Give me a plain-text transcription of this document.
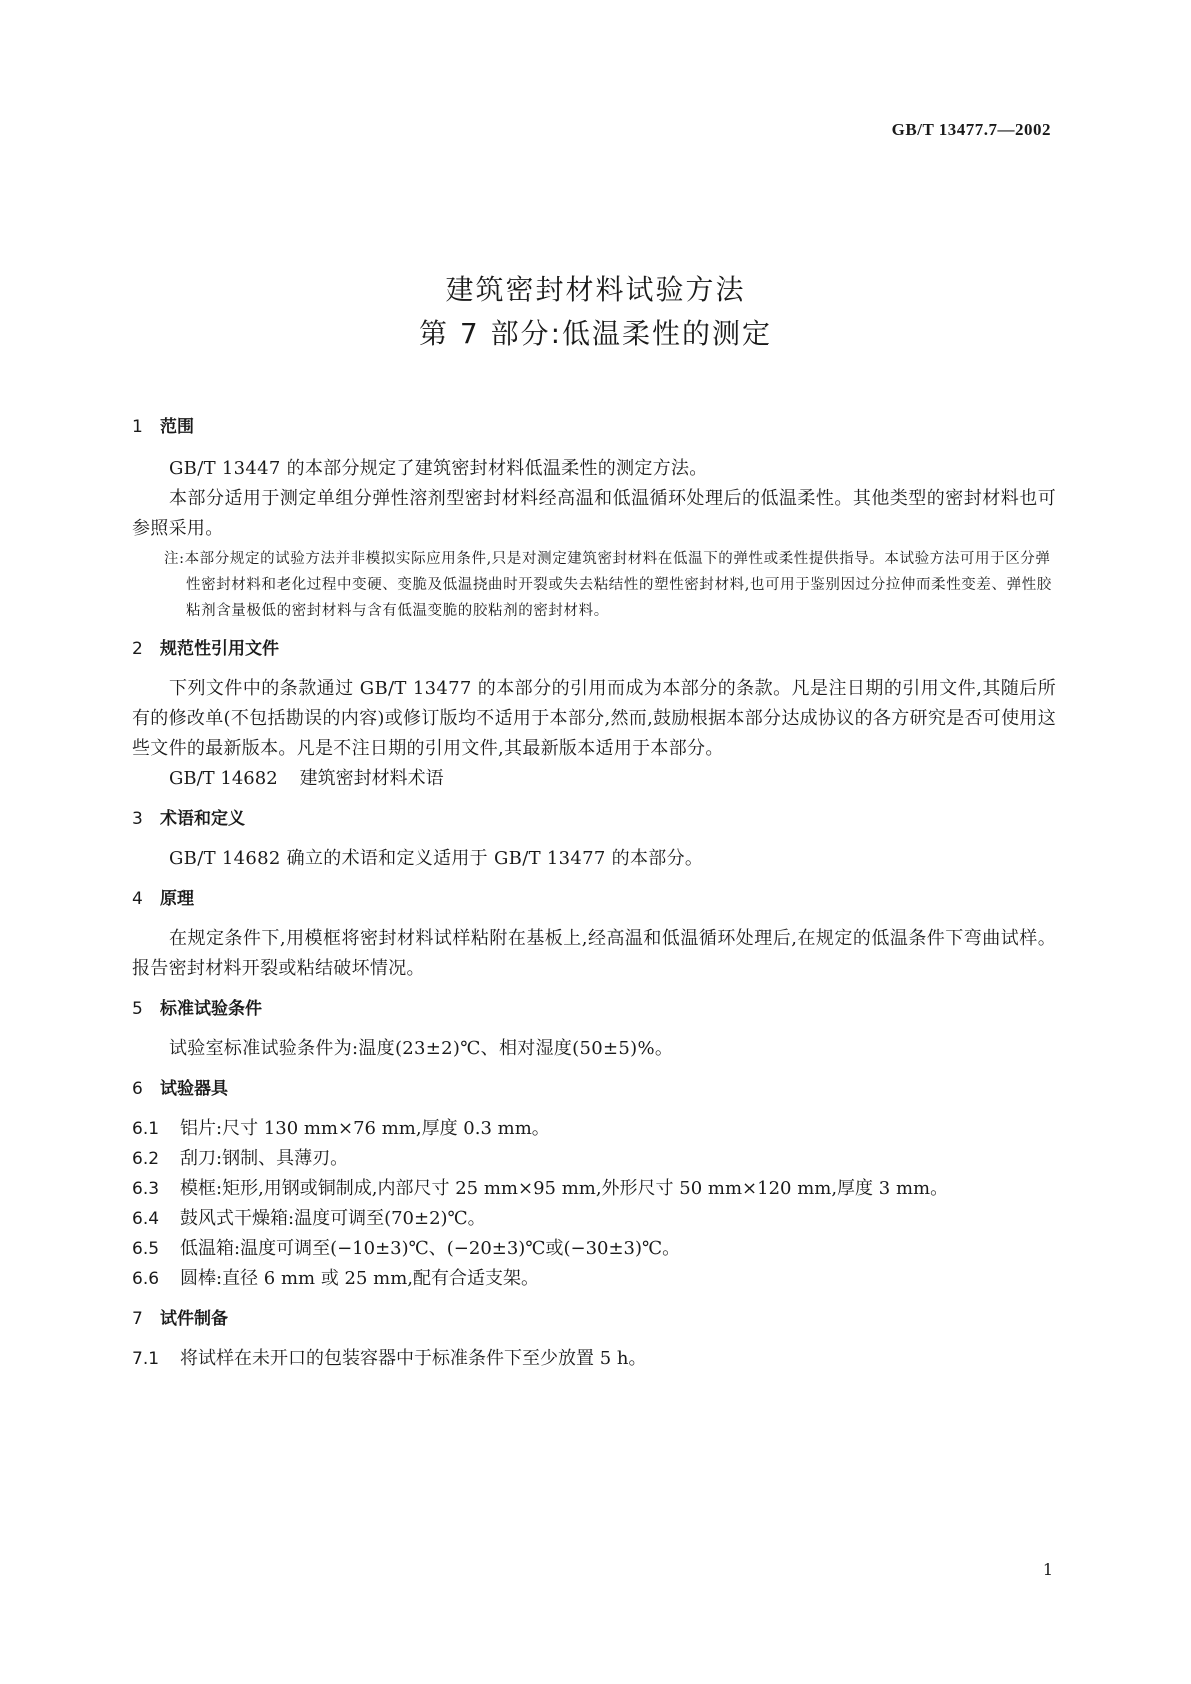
GB/T 13477.7—2002
建筑密封材料试验方法
第 7 部分:低温柔性的测定
1 范围

GB/T 13447 的本部分规定了建筑密封材料低温柔性的测定方法。

本部分适用于测定单组分弹性溶剂型密封材料经高温和低温循环处理后的低温柔性。其他类型的密封材料也可参照采用。

注:本部分规定的试验方法并非模拟实际应用条件,只是对测定建筑密封材料在低温下的弹性或柔性提供指导。本试验方法可用于区分弹性密封材料和老化过程中变硬、变脆及低温挠曲时开裂或失去粘结性的塑性密封材料,也可用于鉴别因过分拉伸而柔性变差、弹性胶粘剂含量极低的密封材料与含有低温变脆的胶粘剂的密封材料。

2 规范性引用文件

下列文件中的条款通过 GB/T 13477 的本部分的引用而成为本部分的条款。凡是注日期的引用文件,其随后所有的修改单(不包括勘误的内容)或修订版均不适用于本部分,然而,鼓励根据本部分达成协议的各方研究是否可使用这些文件的最新版本。凡是不注日期的引用文件,其最新版本适用于本部分。

GB/T 14682 建筑密封材料术语

3 术语和定义

GB/T 14682 确立的术语和定义适用于 GB/T 13477 的本部分。

4 原理

在规定条件下,用模框将密封材料试样粘附在基板上,经高温和低温循环处理后,在规定的低温条件下弯曲试样。报告密封材料开裂或粘结破坏情况。

5 标准试验条件

试验室标准试验条件为:温度(23±2)℃、相对湿度(50±5)%。

6 试验器具

6.1 铝片:尺寸 130 mm×76 mm,厚度 0.3 mm。

6.2 刮刀:钢制、具薄刃。

6.3 模框:矩形,用钢或铜制成,内部尺寸 25 mm×95 mm,外形尺寸 50 mm×120 mm,厚度 3 mm。

6.4 鼓风式干燥箱:温度可调至(70±2)℃。

6.5 低温箱:温度可调至(−10±3)℃、(−20±3)℃或(−30±3)℃。

6.6 圆棒:直径 6 mm 或 25 mm,配有合适支架。

7 试件制备

7.1 将试样在未开口的包装容器中于标准条件下至少放置 5 h。

1
